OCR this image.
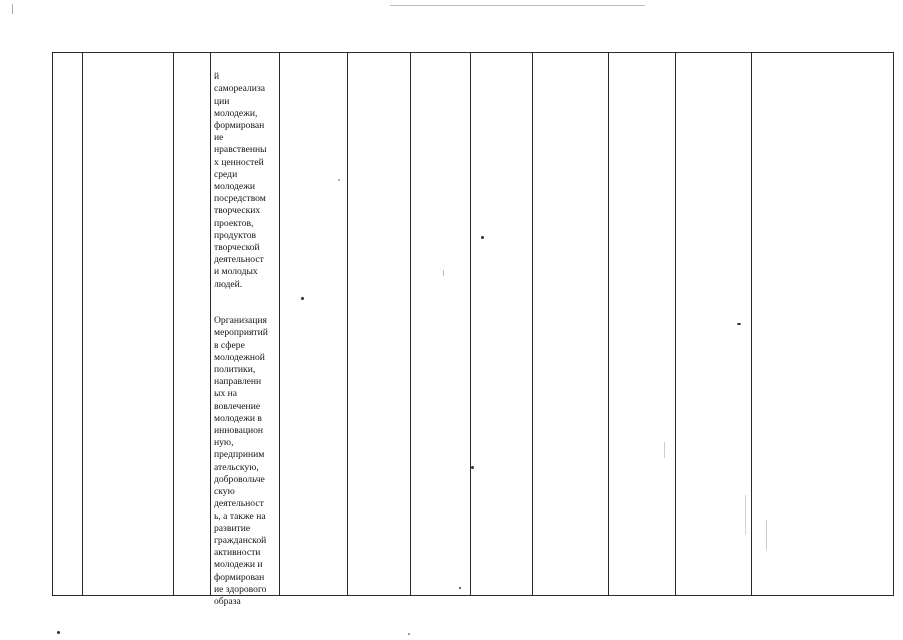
й
самореализа
ции
молодежи,
формирован
ие
нравственны
х ценностей
среди
молодежи
посредством
творческих
проектов,
продуктов
творческой
деятельност
и молодых
людей.

Организация
мероприятий
в сфере
молодежной
политики,
направленн
ых на
вовлечение
молодежи в
инновацион
ную,
предприним
ательскую,
добровольче
скую
деятельност
ь, а также на
развитие
гражданской
активности
молодежи и
формирован
ие здорового
образа
